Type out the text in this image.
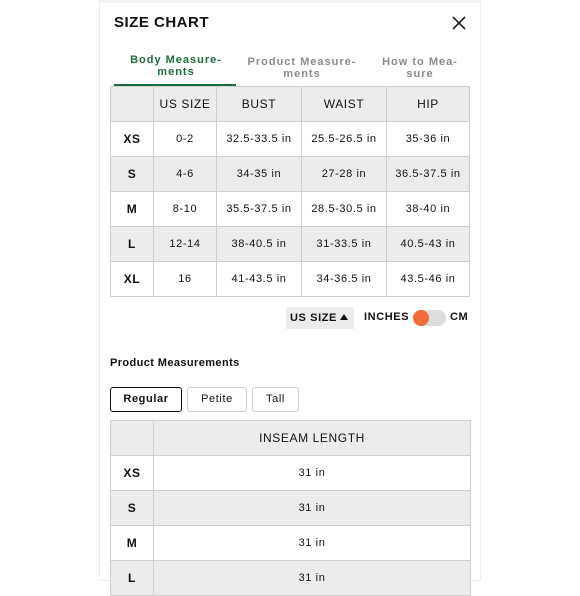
SIZE CHART
Body Measure-
ments
Product Measure-
ments
How to Mea-
sure
	US SIZE	BUST	WAIST	HIP
XS	0-2	32.5-33.5 in	25.5-26.5 in	35-36 in
S	4-6	34-35 in	27-28 in	36.5-37.5 in
M	8-10	35.5-37.5 in	28.5-30.5 in	38-40 in
L	12-14	38-40.5 in	31-33.5 in	40.5-43 in
XL	16	41-43.5 in	34-36.5 in	43.5-46 in
US SIZE	INCHES	CM
Product Measurements
Regular	Petite	Tall
	INSEAM LENGTH
XS	31 in
S	31 in
M	31 in
L	31 in
